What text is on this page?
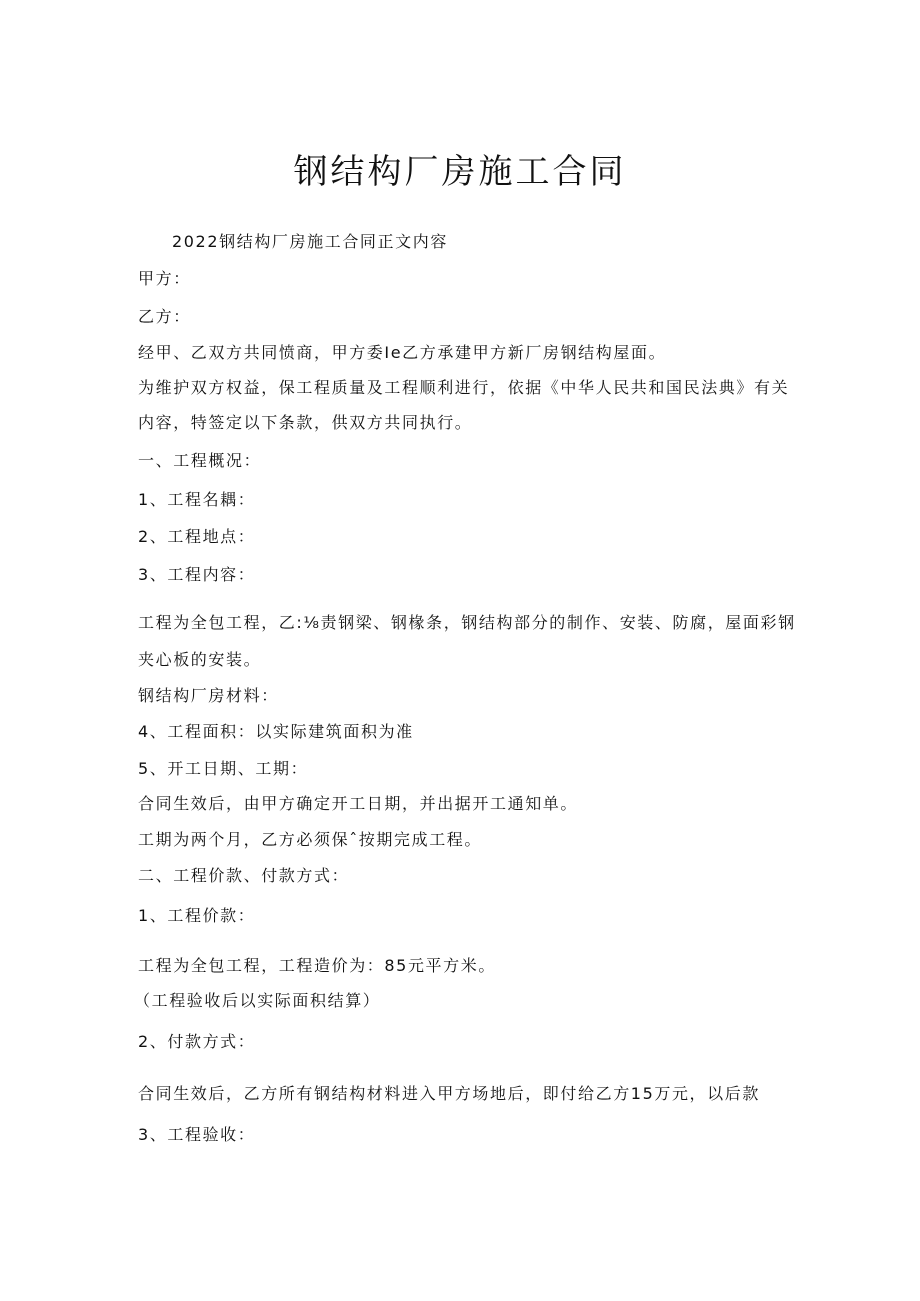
钢结构厂房施工合同
2022钢结构厂房施工合同正文内容
甲方：
乙方：
经甲、乙双方共同愤商，甲方委Ie乙方承建甲方新厂房钢结构屋面。
为维护双方权益，保工程质量及工程顺利进行，依据《中华人民共和国民法典》有关
内容，特签定以下条款，供双方共同执行。
一、工程概况：
1、工程名耦：
2、工程地点：
3、工程内容：
工程为全包工程，乙:⅛责钢梁、钢椽条，钢结构部分的制作、安装、防腐，屋面彩钢
夹心板的安装。
钢结构厂房材料：
4、工程面积：以实际建筑面积为准
5、开工日期、工期：
合同生效后，由甲方确定开工日期，并出据开工通知单。
工期为两个月，乙方必须保ˆ按期完成工程。
二、工程价款、付款方式：
1、工程价款：
工程为全包工程，工程造价为：85元平方米。
（工程验收后以实际面积结算）
2、付款方式：
合同生效后，乙方所有钢结构材料进入甲方场地后，即付给乙方15万元，以后款
3、工程验收：
